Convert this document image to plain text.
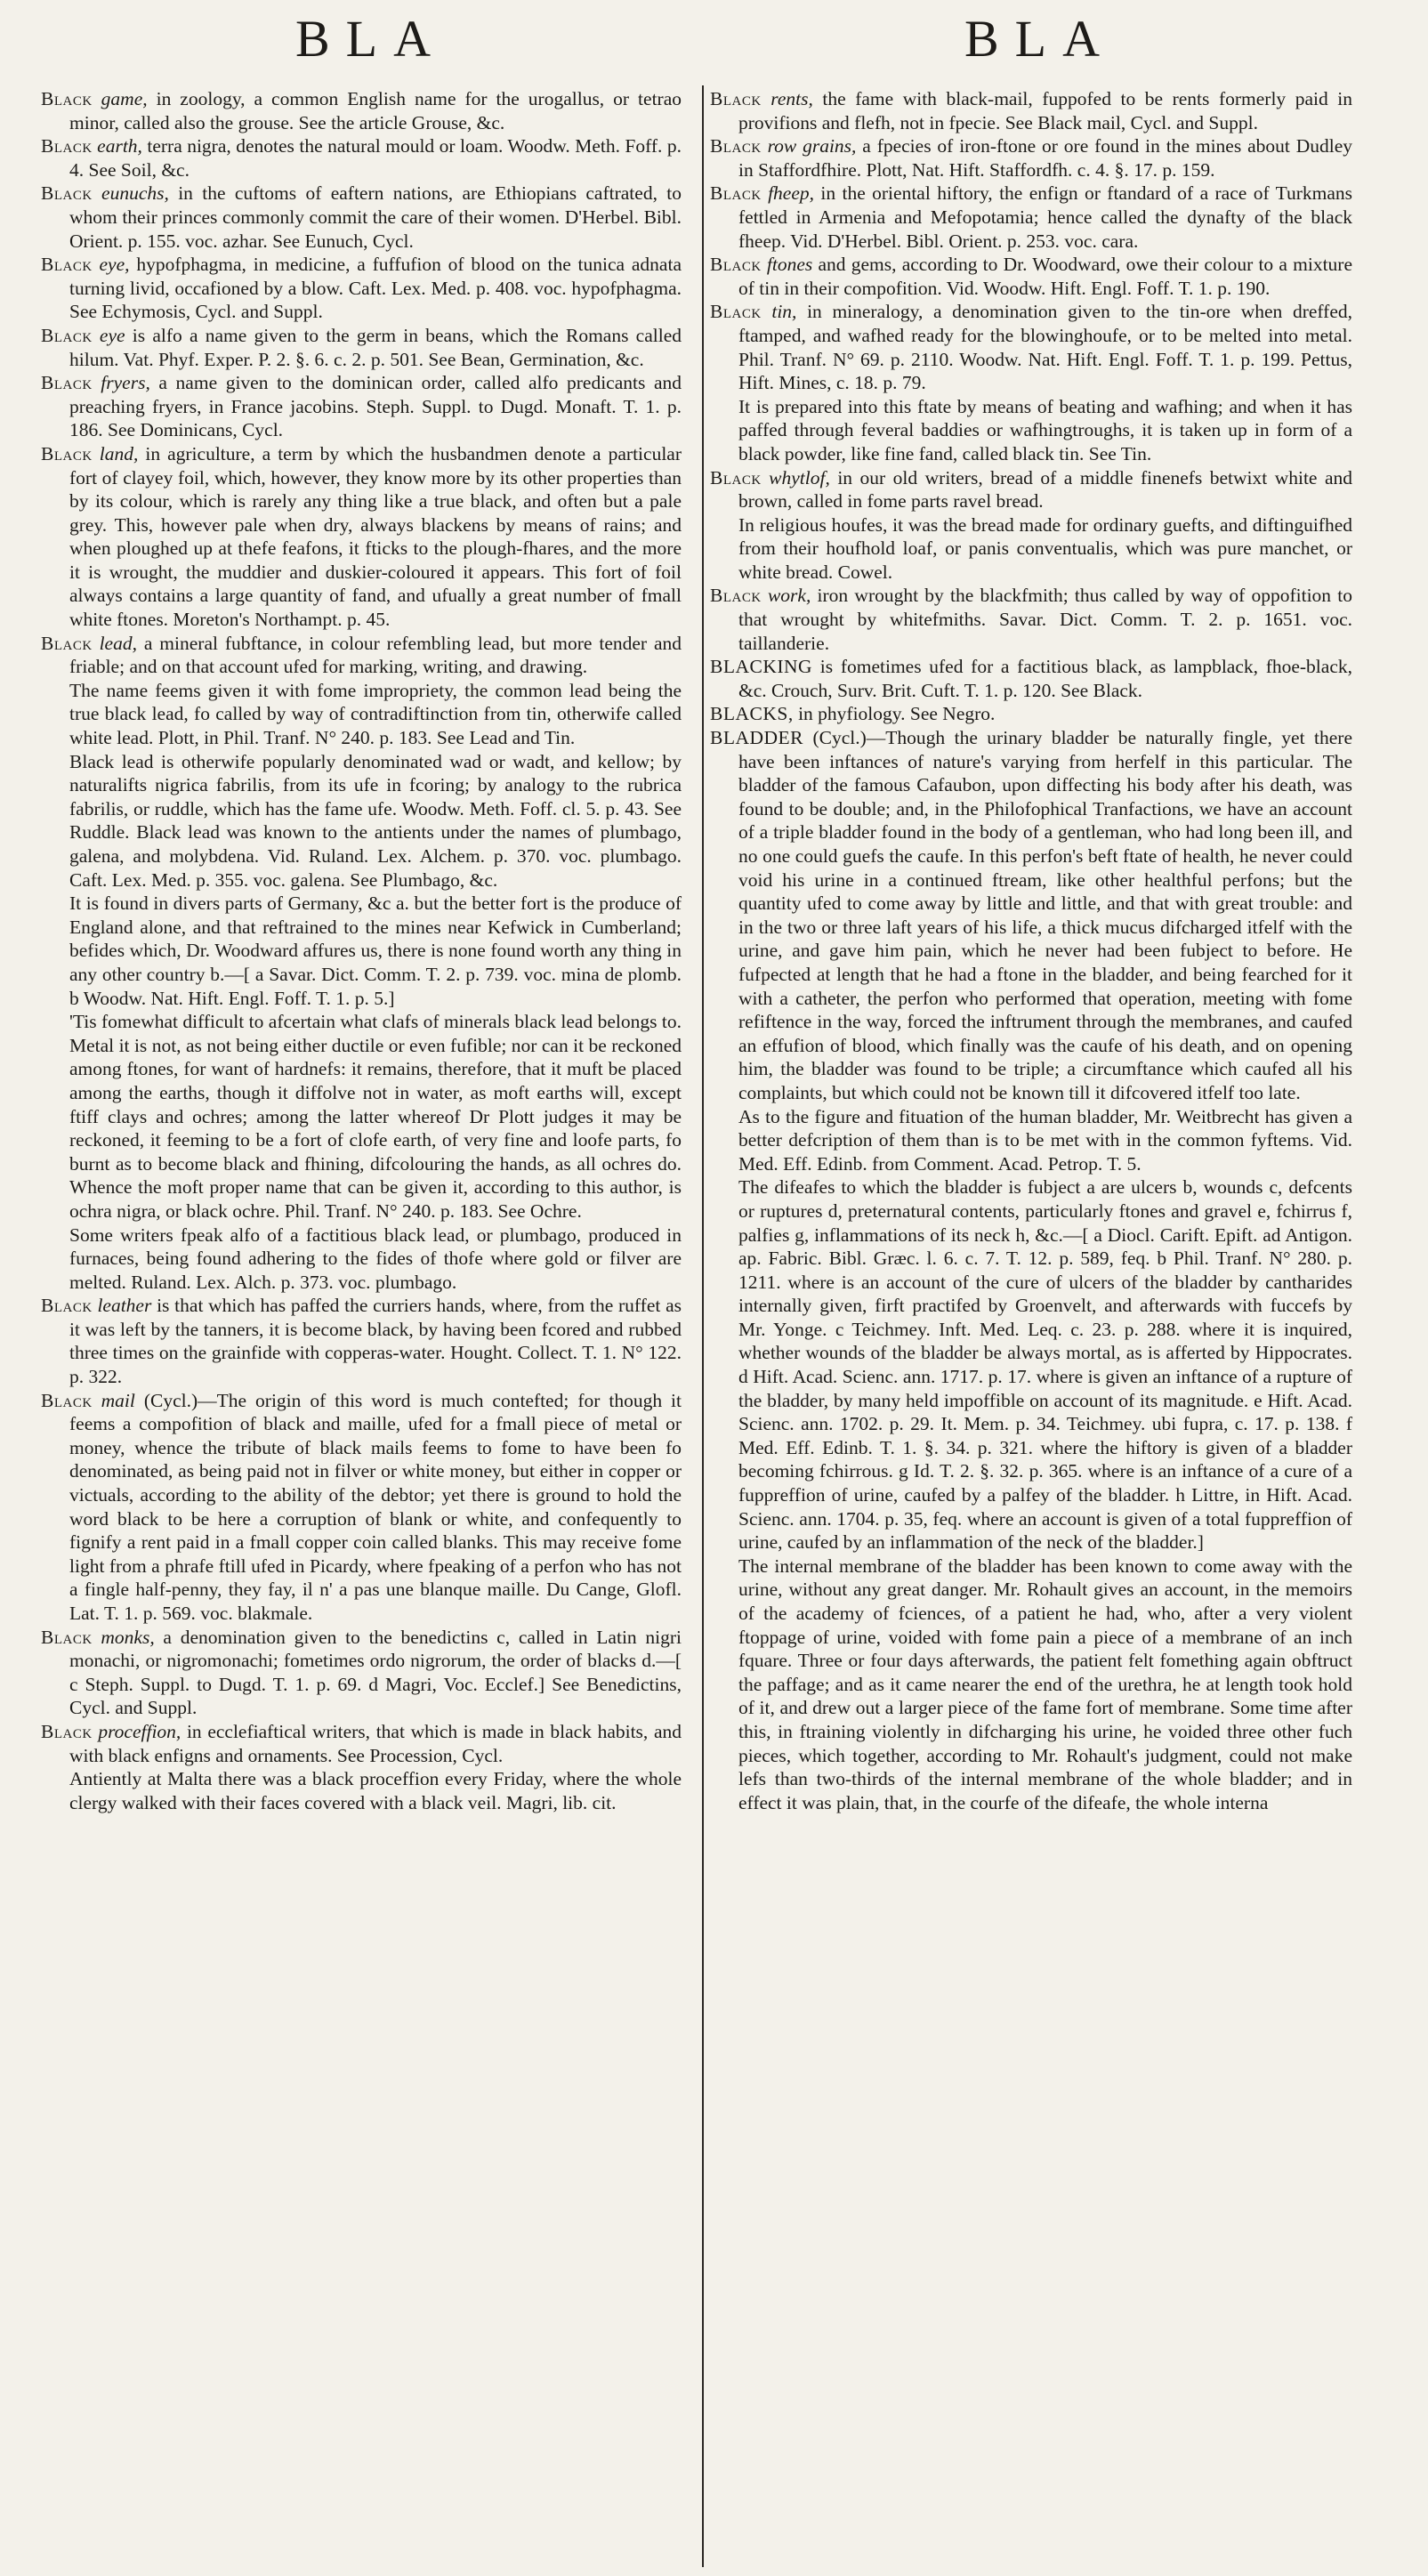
BLA	BLA

Black game, in zoology, a common English name for the urogallus, or tetrao minor, called also the grouse. See the article Grouse, &c.

Black earth, terra nigra, denotes the natural mould or loam. Woodw. Meth. Foff. p. 4. See Soil, &c.

Black eunuchs, in the cuftoms of eaftern nations, are Ethiopians caftrated, to whom their princes commonly commit the care of their women. D'Herbel. Bibl. Orient. p. 155. voc. azhar. See Eunuch, Cycl.

Black eye, hypofphagma, in medicine, a fuffufion of blood on the tunica adnata turning livid, occafioned by a blow. Caft. Lex. Med. p. 408. voc. hypofphagma. See Echymosis, Cycl. and Suppl.

Black eye is alfo a name given to the germ in beans, which the Romans called hilum. Vat. Phyf. Exper. P. 2. §. 6. c. 2. p. 501. See Bean, Germination, &c.

Black fryers, a name given to the dominican order, called alfo predicants and preaching fryers, in France jacobins. Steph. Suppl. to Dugd. Monaft. T. 1. p. 186. See Dominicans, Cycl.

Black land, in agriculture, a term by which the husbandmen denote a particular fort of clayey foil, which, however, they know more by its other properties than by its colour, which is rarely any thing like a true black, and often but a pale grey. This, however pale when dry, always blackens by means of rains; and when ploughed up at thefe feafons, it fticks to the plough-fhares, and the more it is wrought, the muddier and duskier-coloured it appears. This fort of foil always contains a large quantity of fand, and ufually a great number of fmall white ftones. Moreton's Northampt. p. 45.

Black lead, a mineral fubftance, in colour refembling lead, but more tender and friable; and on that account ufed for marking, writing, and drawing.

The name feems given it with fome impropriety, the common lead being the true black lead, fo called by way of contradiftinction from tin, otherwife called white lead. Plott, in Phil. Tranf. N° 240. p. 183. See Lead and Tin.

Black lead is otherwife popularly denominated wad or wadt, and kellow; by naturalifts nigrica fabrilis, from its ufe in fcoring; by analogy to the rubrica fabrilis, or ruddle, which has the fame ufe. Woodw. Meth. Foff. cl. 5. p. 43. See Ruddle. Black lead was known to the antients under the names of plumbago, galena, and molybdena. Vid. Ruland. Lex. Alchem. p. 370. voc. plumbago. Caft. Lex. Med. p. 355. voc. galena. See Plumbago, &c.

It is found in divers parts of Germany, &c a. but the better fort is the produce of England alone, and that reftrained to the mines near Kefwick in Cumberland; befides which, Dr. Woodward affures us, there is none found worth any thing in any other country b.—[ a Savar. Dict. Comm. T. 2. p. 739. voc. mina de plomb. b Woodw. Nat. Hift. Engl. Foff. T. 1. p. 5.]

'Tis fomewhat difficult to afcertain what clafs of minerals black lead belongs to. Metal it is not, as not being either ductile or even fufible; nor can it be reckoned among ftones, for want of hardnefs: it remains, therefore, that it muft be placed among the earths, though it diffolve not in water, as moft earths will, except ftiff clays and ochres; among the latter whereof Dr Plott judges it may be reckoned, it feeming to be a fort of clofe earth, of very fine and loofe parts, fo burnt as to become black and fhining, difcolouring the hands, as all ochres do. Whence the moft proper name that can be given it, according to this author, is ochra nigra, or black ochre. Phil. Tranf. N° 240. p. 183. See Ochre.

Some writers fpeak alfo of a factitious black lead, or plumbago, produced in furnaces, being found adhering to the fides of thofe where gold or filver are melted. Ruland. Lex. Alch. p. 373. voc. plumbago.

Black leather is that which has paffed the curriers hands, where, from the ruffet as it was left by the tanners, it is become black, by having been fcored and rubbed three times on the grainfide with copperas-water. Hought. Collect. T. 1. N° 122. p. 322.

Black mail (Cycl.)—The origin of this word is much contefted; for though it feems a compofition of black and maille, ufed for a fmall piece of metal or money, whence the tribute of black mails feems to fome to have been fo denominated, as being paid not in filver or white money, but either in copper or victuals, according to the ability of the debtor; yet there is ground to hold the word black to be here a corruption of blank or white, and confequently to fignify a rent paid in a fmall copper coin called blanks. This may receive fome light from a phrafe ftill ufed in Picardy, where fpeaking of a perfon who has not a fingle half-penny, they fay, il n' a pas une blanque maille. Du Cange, Glofl. Lat. T. 1. p. 569. voc. blakmale.

Black monks, a denomination given to the benedictins c, called in Latin nigri monachi, or nigromonachi; fometimes ordo nigrorum, the order of blacks d.—[ c Steph. Suppl. to Dugd. T. 1. p. 69. d Magri, Voc. Ecclef.] See Benedictins, Cycl. and Suppl.

Black proceffion, in ecclefiaftical writers, that which is made in black habits, and with black enfigns and ornaments. See Procession, Cycl.

Antiently at Malta there was a black proceffion every Friday, where the whole clergy walked with their faces covered with a black veil. Magri, lib. cit.

Black rents, the fame with black-mail, fuppofed to be rents formerly paid in provifions and flefh, not in fpecie. See Black mail, Cycl. and Suppl.

Black row grains, a fpecies of iron-ftone or ore found in the mines about Dudley in Staffordfhire. Plott, Nat. Hift. Staffordfh. c. 4. §. 17. p. 159.

Black fheep, in the oriental hiftory, the enfign or ftandard of a race of Turkmans fettled in Armenia and Mefopotamia; hence called the dynafty of the black fheep. Vid. D'Herbel. Bibl. Orient. p. 253. voc. cara.

Black ftones and gems, according to Dr. Woodward, owe their colour to a mixture of tin in their compofition. Vid. Woodw. Hift. Engl. Foff. T. 1. p. 190.

Black tin, in mineralogy, a denomination given to the tin-ore when dreffed, ftamped, and wafhed ready for the blowinghoufe, or to be melted into metal. Phil. Tranf. N° 69. p. 2110. Woodw. Nat. Hift. Engl. Foff. T. 1. p. 199. Pettus, Hift. Mines, c. 18. p. 79.

It is prepared into this ftate by means of beating and wafhing; and when it has paffed through feveral baddies or wafhingtroughs, it is taken up in form of a black powder, like fine fand, called black tin. See Tin.

Black whytlof, in our old writers, bread of a middle finenefs betwixt white and brown, called in fome parts ravel bread.

In religious houfes, it was the bread made for ordinary guefts, and diftinguifhed from their houfhold loaf, or panis conventualis, which was pure manchet, or white bread. Cowel.

Black work, iron wrought by the blackfmith; thus called by way of oppofition to that wrought by whitefmiths. Savar. Dict. Comm. T. 2. p. 1651. voc. taillanderie.

BLACKING is fometimes ufed for a factitious black, as lampblack, fhoe-black, &c. Crouch, Surv. Brit. Cuft. T. 1. p. 120. See Black.

BLACKS, in phyfiology. See Negro.

BLADDER (Cycl.)—Though the urinary bladder be naturally fingle, yet there have been inftances of nature's varying from herfelf in this particular. The bladder of the famous Cafaubon, upon diffecting his body after his death, was found to be double; and, in the Philofophical Tranfactions, we have an account of a triple bladder found in the body of a gentleman, who had long been ill, and no one could guefs the caufe. In this perfon's beft ftate of health, he never could void his urine in a continued ftream, like other healthful perfons; but the quantity ufed to come away by little and little, and that with great trouble: and in the two or three laft years of his life, a thick mucus difcharged itfelf with the urine, and gave him pain, which he never had been fubject to before. He fufpected at length that he had a ftone in the bladder, and being fearched for it with a catheter, the perfon who performed that operation, meeting with fome refiftence in the way, forced the inftrument through the membranes, and caufed an effufion of blood, which finally was the caufe of his death, and on opening him, the bladder was found to be triple; a circumftance which caufed all his complaints, but which could not be known till it difcovered itfelf too late.

As to the figure and fituation of the human bladder, Mr. Weitbrecht has given a better defcription of them than is to be met with in the common fyftems. Vid. Med. Eff. Edinb. from Comment. Acad. Petrop. T. 5.

The difeafes to which the bladder is fubject a are ulcers b, wounds c, defcents or ruptures d, preternatural contents, particularly ftones and gravel e, fchirrus f, palfies g, inflammations of its neck h, &c.—[ a Diocl. Carift. Epift. ad Antigon. ap. Fabric. Bibl. Græc. l. 6. c. 7. T. 12. p. 589, feq. b Phil. Tranf. N° 280. p. 1211. where is an account of the cure of ulcers of the bladder by cantharides internally given, firft practifed by Groenvelt, and afterwards with fuccefs by Mr. Yonge. c Teichmey. Inft. Med. Leq. c. 23. p. 288. where it is inquired, whether wounds of the bladder be always mortal, as is afferted by Hippocrates. d Hift. Acad. Scienc. ann. 1717. p. 17. where is given an inftance of a rupture of the bladder, by many held impoffible on account of its magnitude. e Hift. Acad. Scienc. ann. 1702. p. 29. It. Mem. p. 34. Teichmey. ubi fupra, c. 17. p. 138. f Med. Eff. Edinb. T. 1. §. 34. p. 321. where the hiftory is given of a bladder becoming fchirrous. g Id. T. 2. §. 32. p. 365. where is an inftance of a cure of a fuppreffion of urine, caufed by a palfey of the bladder. h Littre, in Hift. Acad. Scienc. ann. 1704. p. 35, feq. where an account is given of a total fuppreffion of urine, caufed by an inflammation of the neck of the bladder.]

The internal membrane of the bladder has been known to come away with the urine, without any great danger. Mr. Rohault gives an account, in the memoirs of the academy of fciences, of a patient he had, who, after a very violent ftoppage of urine, voided with fome pain a piece of a membrane of an inch fquare. Three or four days afterwards, the patient felt fomething again obftruct the paffage; and as it came nearer the end of the urethra, he at length took hold of it, and drew out a larger piece of the fame fort of membrane. Some time after this, in ftraining violently in difcharging his urine, he voided three other fuch pieces, which together, according to Mr. Rohault's judgment, could not make lefs than two-thirds of the internal membrane of the whole bladder; and in effect it was plain, that, in the courfe of the difeafe, the whole interna
